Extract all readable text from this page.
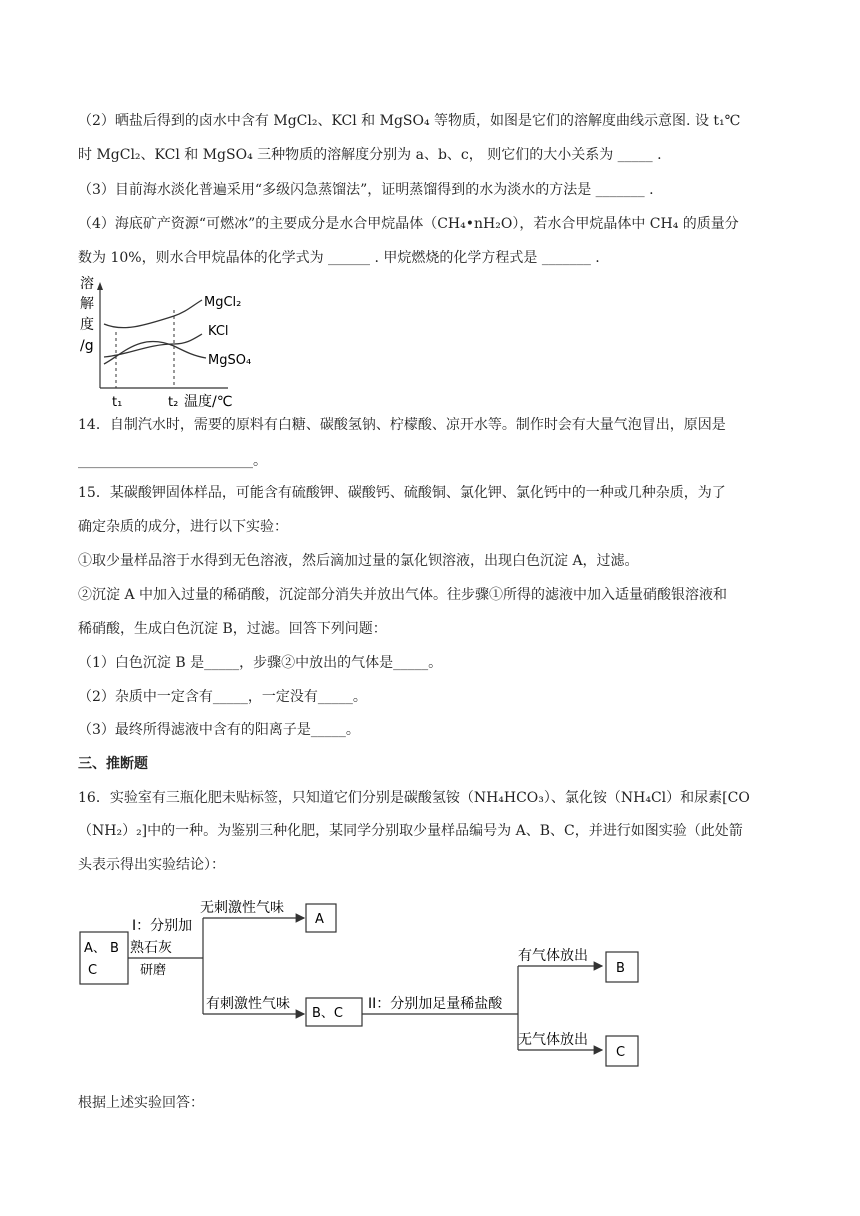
（2）晒盐后得到的卤水中含有 MgCl₂、KCl 和 MgSO₄ 等物质，如图是它们的溶解度曲线示意图. 设 t₁℃
时 MgCl₂、KCl 和 MgSO₄ 三种物质的溶解度分别为 a、b、c， 则它们的大小关系为 _____ .
（3）目前海水淡化普遍采用“多级闪急蒸馏法”，证明蒸馏得到的水为淡水的方法是 _______ .
（4）海底矿产资源“可燃冰”的主要成分是水合甲烷晶体（CH₄•nH₂O），若水合甲烷晶体中 CH₄ 的质量分
数为 10%，则水合甲烷晶体的化学式为 ______ . 甲烷燃烧的化学方程式是 _______ .
溶
解
度
/g
MgCl₂
KCl
MgSO₄
t₁	t₂ 温度/℃
14．自制汽水时，需要的原料有白糖、碳酸氢钠、柠檬酸、凉开水等。制作时会有大量气泡冒出，原因是
_________________________。
15．某碳酸钾固体样品，可能含有硫酸钾、碳酸钙、硫酸铜、氯化钾、氯化钙中的一种或几种杂质，为了
确定杂质的成分，进行以下实验：
①取少量样品溶于水得到无色溶液，然后滴加过量的氯化钡溶液，出现白色沉淀 A，过滤。
②沉淀 A 中加入过量的稀硝酸，沉淀部分消失并放出气体。往步骤①所得的滤液中加入适量硝酸银溶液和
稀硝酸，生成白色沉淀 B，过滤。回答下列问题：
（1）白色沉淀 B 是_____，步骤②中放出的气体是_____。
（2）杂质中一定含有_____，一定没有_____。
（3）最终所得滤液中含有的阳离子是_____。
三、推断题
16．实验室有三瓶化肥未贴标签，只知道它们分别是碳酸氢铵（NH₄HCO₃）、氯化铵（NH₄Cl）和尿素[CO
（NH₂）₂]中的一种。为鉴别三种化肥，某同学分别取少量样品编号为 A、B、C，并进行如图实验（此处箭
头表示得出实验结论）：
A、 B
C
I：分别加
熟石灰
研磨
无刺激性气味
有刺激性气味
A
B、C
II：分别加足量稀盐酸
有气体放出
无气体放出
B
C
根据上述实验回答：
